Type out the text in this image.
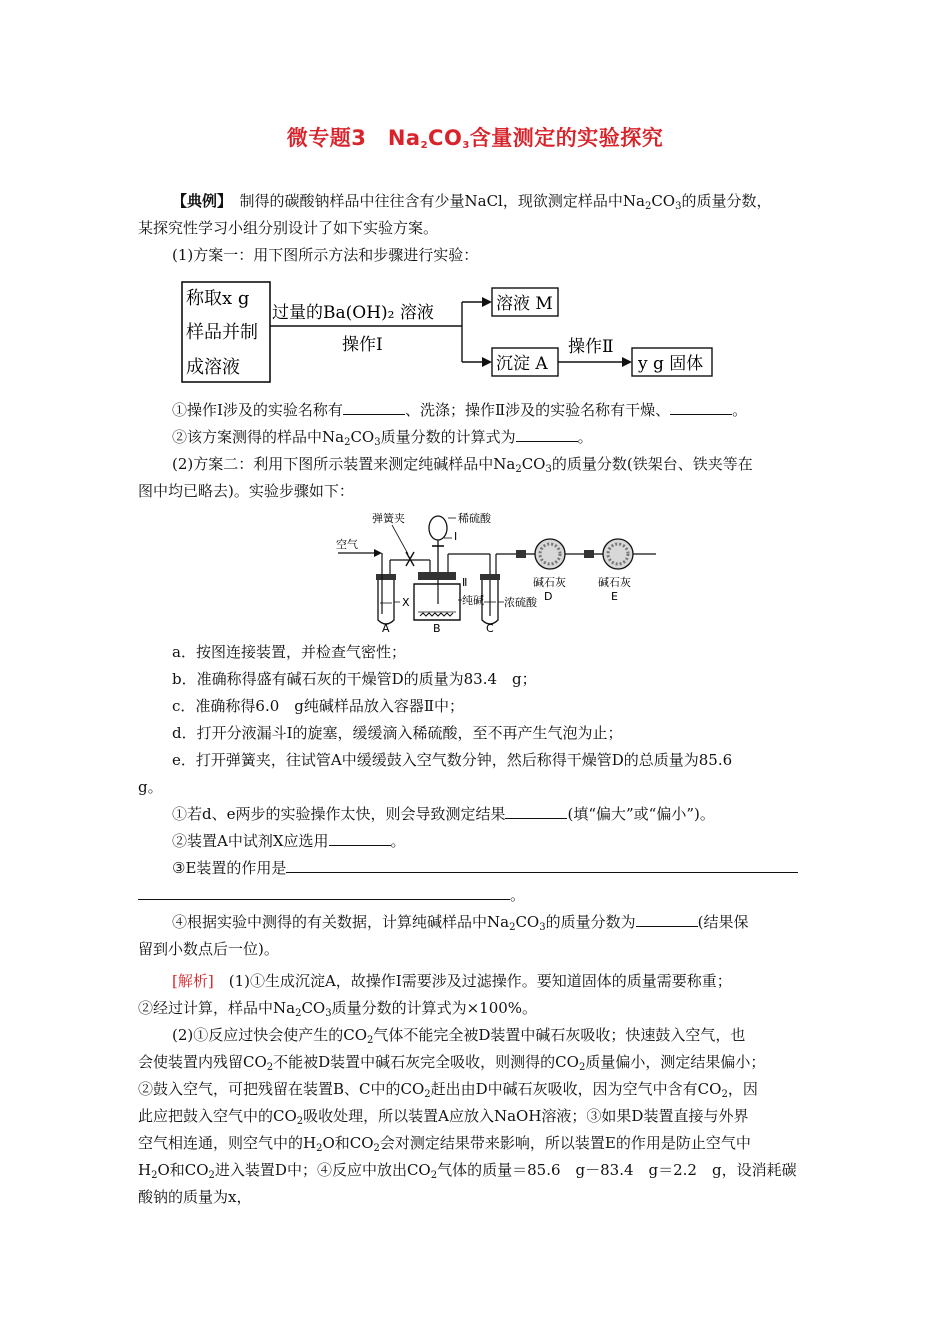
微专题3　$Na_2CO_3$含量测定的实验探究
【典例】　制得的碳酸钠样品中往往含有少量NaCl，现欲测定样品中$Na_2CO_3$的质量分数，
某探究性学习小组分别设计了如下实验方案。
(1)方案一：用下图所示方法和步骤进行实验：
称取x g
样品并制
成溶液
过量的Ba(OH)₂ 溶液
操作Ⅰ
溶液 M
沉淀 A
操作Ⅱ
y g 固体
①操作Ⅰ涉及的实验名称有	、洗涤；操作Ⅱ涉及的实验名称有干燥、	。
②该方案测得的样品中$Na_2CO_3$质量分数的计算式为	。
(2)方案二：利用下图所示装置来测定纯碱样品中$Na_2CO_3$的质量分数(铁架台、铁夹等在
图中均已略去)。实验步骤如下：
空气
X
A
弹簧夹
B
稀硫酸
Ⅰ
Ⅱ
纯碱 浓硫酸
C
碱石灰
D
碱石灰
E
a．按图连接装置，并检查气密性；
b．准确称得盛有碱石灰的干燥管D的质量为83.4　g；
c．准确称得6.0　g纯碱样品放入容器Ⅱ中；
d．打开分液漏斗Ⅰ的旋塞，缓缓滴入稀硫酸，至不再产生气泡为止；
e．打开弹簧夹，往试管A中缓缓鼓入空气数分钟，然后称得干燥管D的总质量为85.6
g。
①若d、e两步的实验操作太快，则会导致测定结果	(填“偏大”或“偏小”)。
②装置A中试剂X应选用	。
③E装置的作用是
。
④根据实验中测得的有关数据，计算纯碱样品中$Na_2CO_3$的质量分数为	(结果保
留到小数点后一位)。
[解析]　(1)①生成沉淀A，故操作Ⅰ需要涉及过滤操作。要知道固体的质量需要称重；
②经过计算，样品中$Na_2CO_3$质量分数的计算式为×100%。
(2)①反应过快会使产生的$CO_2$气体不能完全被D装置中碱石灰吸收；快速鼓入空气，也
会使装置内残留$CO_2$不能被D装置中碱石灰完全吸收，则测得的$CO_2$质量偏小，测定结果偏小；
②鼓入空气，可把残留在装置B、C中的$CO_2$赶出由D中碱石灰吸收，因为空气中含有$CO_2$，因
此应把鼓入空气中的$CO_2$吸收处理，所以装置A应放入NaOH溶液；③如果D装置直接与外界
空气相连通，则空气中的$H_2O$和$CO_2$会对测定结果带来影响，所以装置E的作用是防止空气中
$H_2O$和$CO_2$进入装置D中；④反应中放出$CO_2$气体的质量＝85.6　g－83.4　g＝2.2　g，设消耗碳
酸钠的质量为x，
